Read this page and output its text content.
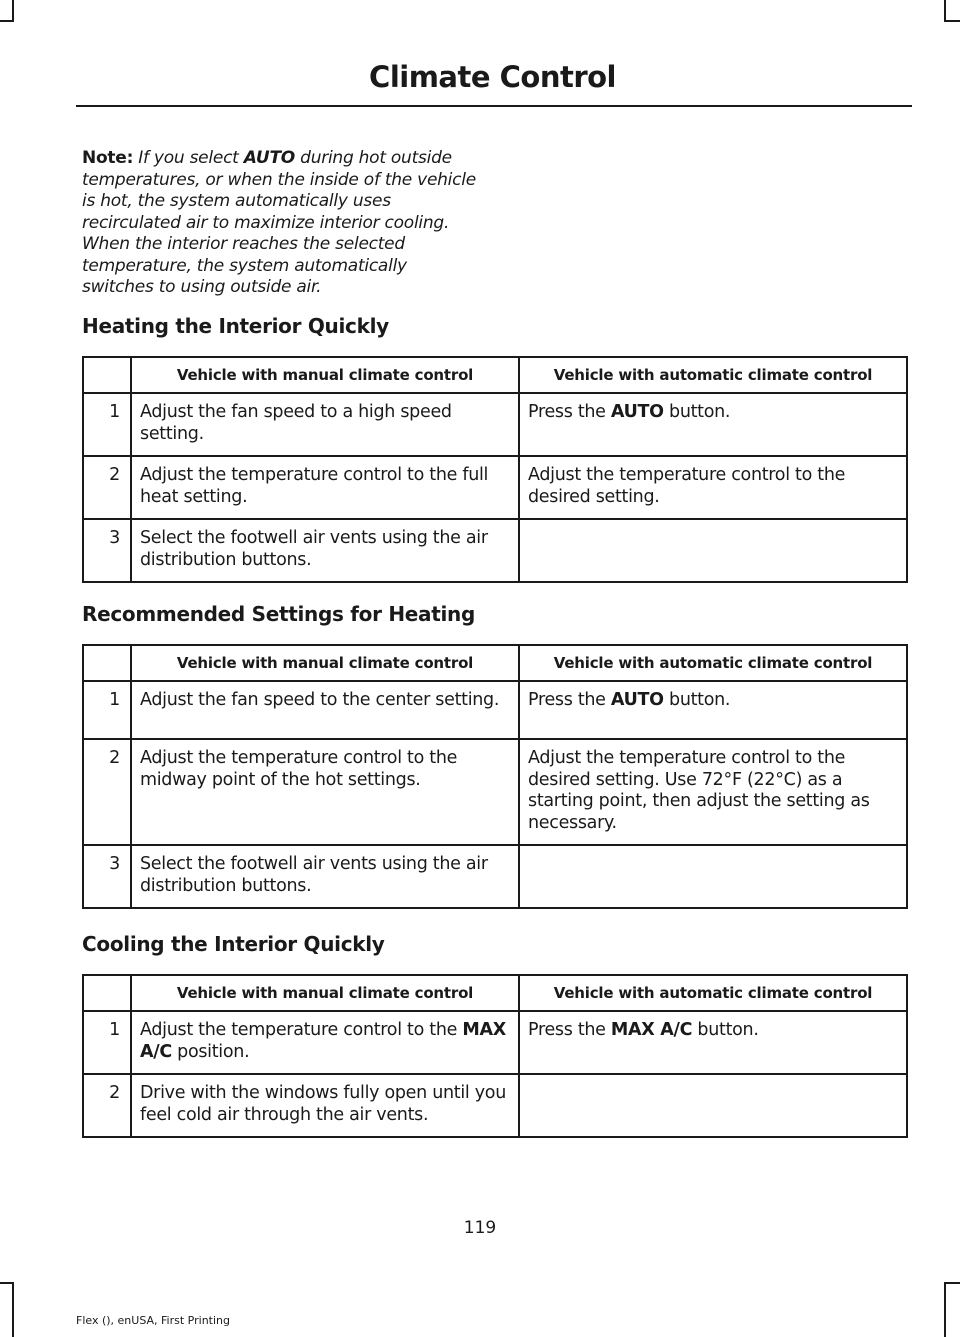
Climate Control
Note: If you select AUTO during hot outside temperatures, or when the inside of the vehicle is hot, the system automatically uses recirculated air to maximize interior cooling. When the interior reaches the selected temperature, the system automatically switches to using outside air.
Heating the Interior Quickly
	Vehicle with manual climate control	Vehicle with automatic climate control
1	Adjust the fan speed to a high speed setting.	Press the AUTO button.
2	Adjust the temperature control to the full heat setting.	Adjust the temperature control to the desired setting.
3	Select the footwell air vents using the air distribution buttons.	
Recommended Settings for Heating
	Vehicle with manual climate control	Vehicle with automatic climate control
1	Adjust the fan speed to the center setting.	Press the AUTO button.
2	Adjust the temperature control to the midway point of the hot settings.	Adjust the temperature control to the desired setting. Use 72°F (22°C) as a starting point, then adjust the setting as necessary.
3	Select the footwell air vents using the air distribution buttons.	
Cooling the Interior Quickly
	Vehicle with manual climate control	Vehicle with automatic climate control
1	Adjust the temperature control to the MAX A/C position.	Press the MAX A/C button.
2	Drive with the windows fully open until you feel cold air through the air vents.	
119
Flex (), enUSA, First Printing
